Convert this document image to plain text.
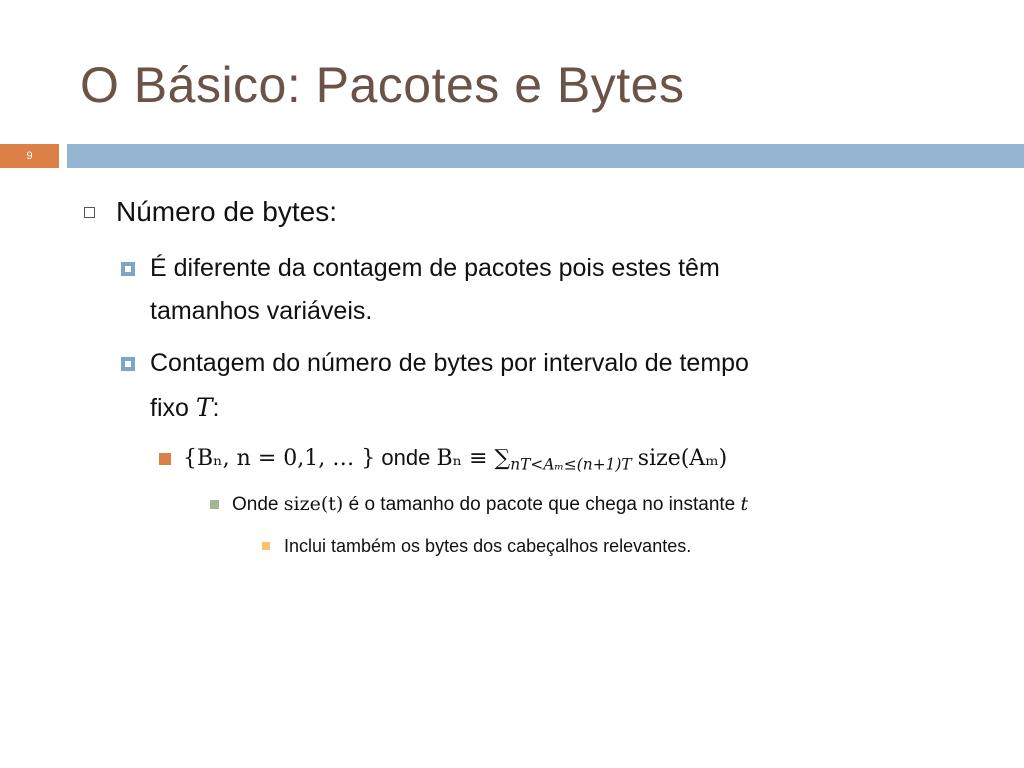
O Básico: Pacotes e Bytes
9
Número de bytes:
É diferente da contagem de pacotes pois estes têm
tamanhos variáveis.
Contagem do número de bytes por intervalo de tempo
fixo T:
{Bₙ, n = 0,1, … } onde $B_n \equiv \sum_{nT<A_m\le(n+1)T}$ size(Aₘ)
Onde size(t) é o tamanho do pacote que chega no instante t
Inclui também os bytes dos cabeçalhos relevantes.
